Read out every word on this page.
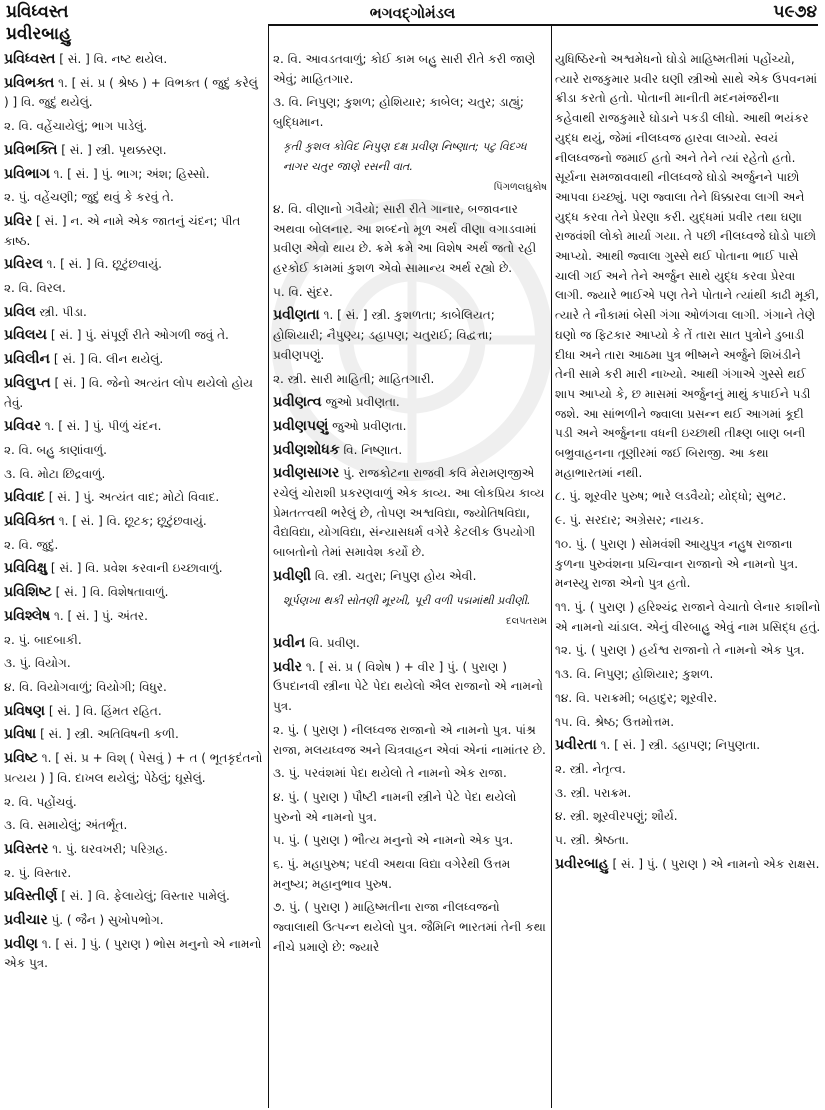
પ્રવિધ્વસ્ત
પ્રવીરબાહુ
ભગવદ્ગોમંડલ	૫૯૭૪
પ્રવિધ્વસ્ત [ સં. ] વિ. નષ્ટ થયેલ.
પ્રવિભક્ત ૧. [ સં. પ્ર ( શ્રેષ્ઠ ) + વિભક્ત ( જુદું કરેલું ) ] વિ. જુદું થયેલું.
૨. વિ. વહેંચાયેલું; ભાગ પાડેલું.
પ્રવિભક્તિ [ સં. ] સ્ત્રી. પૃથક્કરણ.
પ્રવિભાગ ૧. [ સં. ] પું. ભાગ; અંશ; હિસ્સો.
૨. પું. વહેંચણી; જુદું થવું કે કરવું તે.
પ્રવિર [ સં. ] ન. એ નામે એક જાતનું ચંદન; પીત કાષ્ઠ.
પ્રવિરલ ૧. [ સં. ] વિ. છૂટુંછવાયું.
૨. વિ. વિરલ.
પ્રવિલ સ્ત્રી. પીડા.
પ્રવિલય [ સં. ] પું. સંપૂર્ણ રીતે ઓગળી જવું તે.
પ્રવિલીન [ સં. ] વિ. લીન થયેલું.
પ્રવિલુપ્ત [ સં. ] વિ. જેનો અત્યંત લોપ થયેલો હોય તેવું.
પ્રવિવર ૧. [ સં. ] પું. પીળું ચંદન.
૨. વિ. બહુ કાણાંવાળું.
૩. વિ. મોટા છિદ્રવાળું.
પ્રવિવાદ [ સં. ] પું. અત્યંત વાદ; મોટો વિવાદ.
પ્રવિવિક્ત ૧. [ સં. ] વિ. છૂટક; છૂટુંછવાયું.
૨. વિ. જુદું.
પ્રવિવિક્ષુ [ સં. ] વિ. પ્રવેશ કરવાની ઇચ્છાવાળું.
પ્રવિશિષ્ટ [ સં. ] વિ. વિશેષતાવાળું.
પ્રવિશ્લેષ ૧. [ સં. ] પું. અંતર.
૨. પું. બાદબાકી.
૩. પું. વિયોગ.
૪. વિ. વિયોગવાળું; વિયોગી; વિધુર.
પ્રવિષણ [ સં. ] વિ. હિંમત રહિત.
પ્રવિષા [ સં. ] સ્ત્રી. અતિવિષની કળી.
પ્રવિષ્ટ ૧. [ સં. પ્ર + વિશ્ ( પેસવું ) + ત ( ભૂતકૃદંતનો પ્રત્યય ) ] વિ. દાખલ થયેલું; પેઠેલું; ઘૂસેલું.
૨. વિ. પહોંચવું.
૩. વિ. સમાયેલું; અંતર્ભૂત.
પ્રવિસ્તર ૧. પું. ઘરવખરી; પરિગ્રહ.
૨. પું. વિસ્તાર.
પ્રવિસ્તીર્ણ [ સં. ] વિ. ફેલાયેલું; વિસ્તાર પામેલું.
પ્રવીચાર પું. ( જૈન ) સુખોપભોગ.
પ્રવીણ ૧. [ સં. ] પું. ( પુરાણ ) ભોસ મનુનો એ નામનો એક પુત્ર.
૨. વિ. આવડતવાળું; કોઈ કામ બહુ સારી રીતે કરી જાણે એવું; માહિતગાર.
૩. વિ. નિપુણ; કુશળ; હોશિયાર; કાબેલ; ચતુર; ડાહ્યું; બુદ્ધિમાન.
કૃતી કુશલ કોવિદ નિપુણ દક્ષ પ્રવીણ નિષ્ણાત; પટુ વિદગ્ધ નાગર ચતુર જાણે રસની વાત.
પિંગળલઘુકોષ
૪. વિ. વીણાનો ગવૈયો; સારી રીતે ગાનાર, બજાવનાર અથવા બોલનાર. આ શબ્દનો મૂળ અર્થ વીણા વગાડવામાં પ્રવીણ એવો થાય છે. ક્રમે ક્રમે આ વિશેષ અર્થ જતો રહી હરકોઈ કામમાં કુશળ એવો સામાન્ય અર્થ રહ્યો છે.
૫. વિ. સુંદર.
પ્રવીણતા ૧. [ સં. ] સ્ત્રી. કુશળતા; કાબેલિયત; હોશિયારી; નૈપુણ્ય; ડહાપણ; ચતુરાઈ; વિદ્વત્તા; પ્રવીણપણું.
૨. સ્ત્રી. સારી માહિતી; માહિતગારી.
પ્રવીણત્વ જુઓ પ્રવીણતા.
પ્રવીણપણું જુઓ પ્રવીણતા.
પ્રવીણશોધક વિ. નિષ્ણાત.
પ્રવીણસાગર પું. રાજકોટના રાજવી કવિ મેરામણજીએ રચેલું ચોરાશી પ્રકરણવાળું એક કાવ્ય. આ લોકપ્રિય કાવ્ય પ્રેમતત્ત્વથી ભરેલું છે, તોપણ અશ્વવિદ્યા, જ્યોતિષવિદ્યા, વૈદ્યવિદ્યા, યોગવિદ્યા, સંન્યાસધર્મ વગેરે કેટલીક ઉપયોગી બાબતોનો તેમાં સમાવેશ કર્યો છે.
પ્રવીણી વિ. સ્ત્રી. ચતુરા; નિપુણ હોય એવી.
શૂર્પણખા થકી સોતણી મૂરખી, પૂરી વળી પદ્મમાંથી પ્રવીણી.
દલપતરામ
પ્રવીન વિ. પ્રવીણ.
પ્રવીર ૧. [ સં. પ્ર ( વિશેષ ) + વીર ] પું. ( પુરાણ ) ઉપદાનવી સ્ત્રીના પેટે પેદા થયેલો ઐલ રાજાનો એ નામનો પુત્ર.
૨. પું. ( પુરાણ ) નીલધ્વજ રાજાનો એ નામનો પુત્ર. પાંશ્ર રાજા, મલયધ્વજ અને ચિત્રવાહન એવાં એનાં નામાંતર છે.
૩. પું. પરવંશમાં પેદા થયેલો તે નામનો એક રાજા.
૪. પું. ( પુરાણ ) પૌષ્ટી નામની સ્ત્રીને પેટે પેદા થયેલો પુરુનો એ નામનો પુત્ર.
૫. પું. ( પુરાણ ) ભૌત્ય મનુનો એ નામનો એક પુત્ર.
૬. પું. મહાપુરુષ; પદવી અથવા વિદ્યા વગેરેથી ઉત્તમ મનુષ્ય; મહાનુભાવ પુરુષ.
૭. પું. ( પુરાણ ) માહિષ્મતીના રાજા નીલધ્વજનો જ્વાલાથી ઉત્પન્ન થયેલો પુત્ર. જૈમિનિ ભારતમાં તેની કથા નીચે પ્રમાણે છે: જ્યારે
યુધિષ્ઠિરનો અશ્વમેધનો ઘોડો માહિષ્મતીમાં પહોંચ્યો, ત્યારે રાજકુમાર પ્રવીર ઘણી સ્ત્રીઓ સાથે એક ઉપવનમાં ક્રીડા કરતો હતો. પોતાની માનીતી મદનમંજરીના કહેવાથી રાજકુમારે ઘોડાને પકડી લીધો. આથી ભયંકર યુદ્ધ થયું, જેમાં નીલધ્વજ હારવા લાગ્યો. સ્વયં નીલધ્વજનો જમાઈ હતો અને તેને ત્યાં રહેતો હતો. સૂર્યના સમજાવવાથી નીલધ્વજે ઘોડો અર્જુનને પાછો આપવા ઇચ્છ્યું. પણ જ્વાલા તેને ધિક્કારવા લાગી અને યુદ્ધ કરવા તેને પ્રેરણા કરી. યુદ્ધમાં પ્રવીર તથા ઘણા રાજવંશી લોકો માર્યા ગયા. તે પછી નીલધ્વજે ઘોડો પાછો આપ્યો. આથી જ્વાલા ગુસ્સે થઈ પોતાના ભાઈ પાસે ચાલી ગઈ અને તેને અર્જુન સાથે યુદ્ધ કરવા પ્રેરવા લાગી. જ્યારે ભાઈએ પણ તેને પોતાને ત્યાંથી કાઢી મૂકી, ત્યારે તે નૌકામાં બેસી ગંગા ઓળંગવા લાગી. ગંગાને તેણે ઘણો જ ફિટકાર આપ્યો કે તેં તારા સાત પુત્રોને ડુબાડી દીધા અને તારા આઠમા પુત્ર ભીષ્મને અર્જુને શિખંડીને તેની સામે કરી મારી નાખ્યો. આથી ગંગાએ ગુસ્સે થઈ શાપ આપ્યો કે, છ માસમાં અર્જુનનું માથું કપાઈને પડી જશે. આ સાંભળીને જ્વાલા પ્રસન્ન થઈ આગમાં કૂદી પડી અને અર્જુનના વધની ઇચ્છાથી તીક્ષ્ણ બાણ બની બભ્રુવાહનના તૂણીરમાં જઈ બિરાજી. આ કથા મહાભારતમાં નથી.
૮. પું. શૂરવીર પુરુષ; ભારે લડવૈયો; યોદ્ધો; સુભટ.
૯. પું. સરદાર; અગ્રેસર; નાયક.
૧૦. પું. ( પુરાણ ) સોમવંશી આયુપુત્ર નહુષ રાજાના કુળના પુરુવંશના પ્રચિન્વાન રાજાનો એ નામનો પુત્ર. મનસ્યુ રાજા એનો પુત્ર હતો.
૧૧. પું. ( પુરાણ ) હરિશ્ચંદ્ર રાજાને વેચાતો લેનાર કાશીનો એ નામનો ચાંડાલ. એનું વીરબાહુ એવું નામ પ્રસિદ્ધ હતું.
૧૨. પું. ( પુરાણ ) હર્યશ્વ રાજાનો તે નામનો એક પુત્ર.
૧૩. વિ. નિપુણ; હોશિયાર; કુશળ.
૧૪. વિ. પરાક્રમી; બહાદુર; શૂરવીર.
૧૫. વિ. શ્રેષ્ઠ; ઉત્તમોત્તમ.
પ્રવીરતા ૧. [ સં. ] સ્ત્રી. ડહાપણ; નિપુણતા.
૨. સ્ત્રી. નેતૃત્વ.
૩. સ્ત્રી. પરાક્રમ.
૪. સ્ત્રી. શૂરવીરપણું; શૌર્ય.
૫. સ્ત્રી. શ્રેષ્ઠતા.
પ્રવીરબાહુ [ સં. ] પું. ( પુરાણ ) એ નામનો એક રાક્ષસ.
